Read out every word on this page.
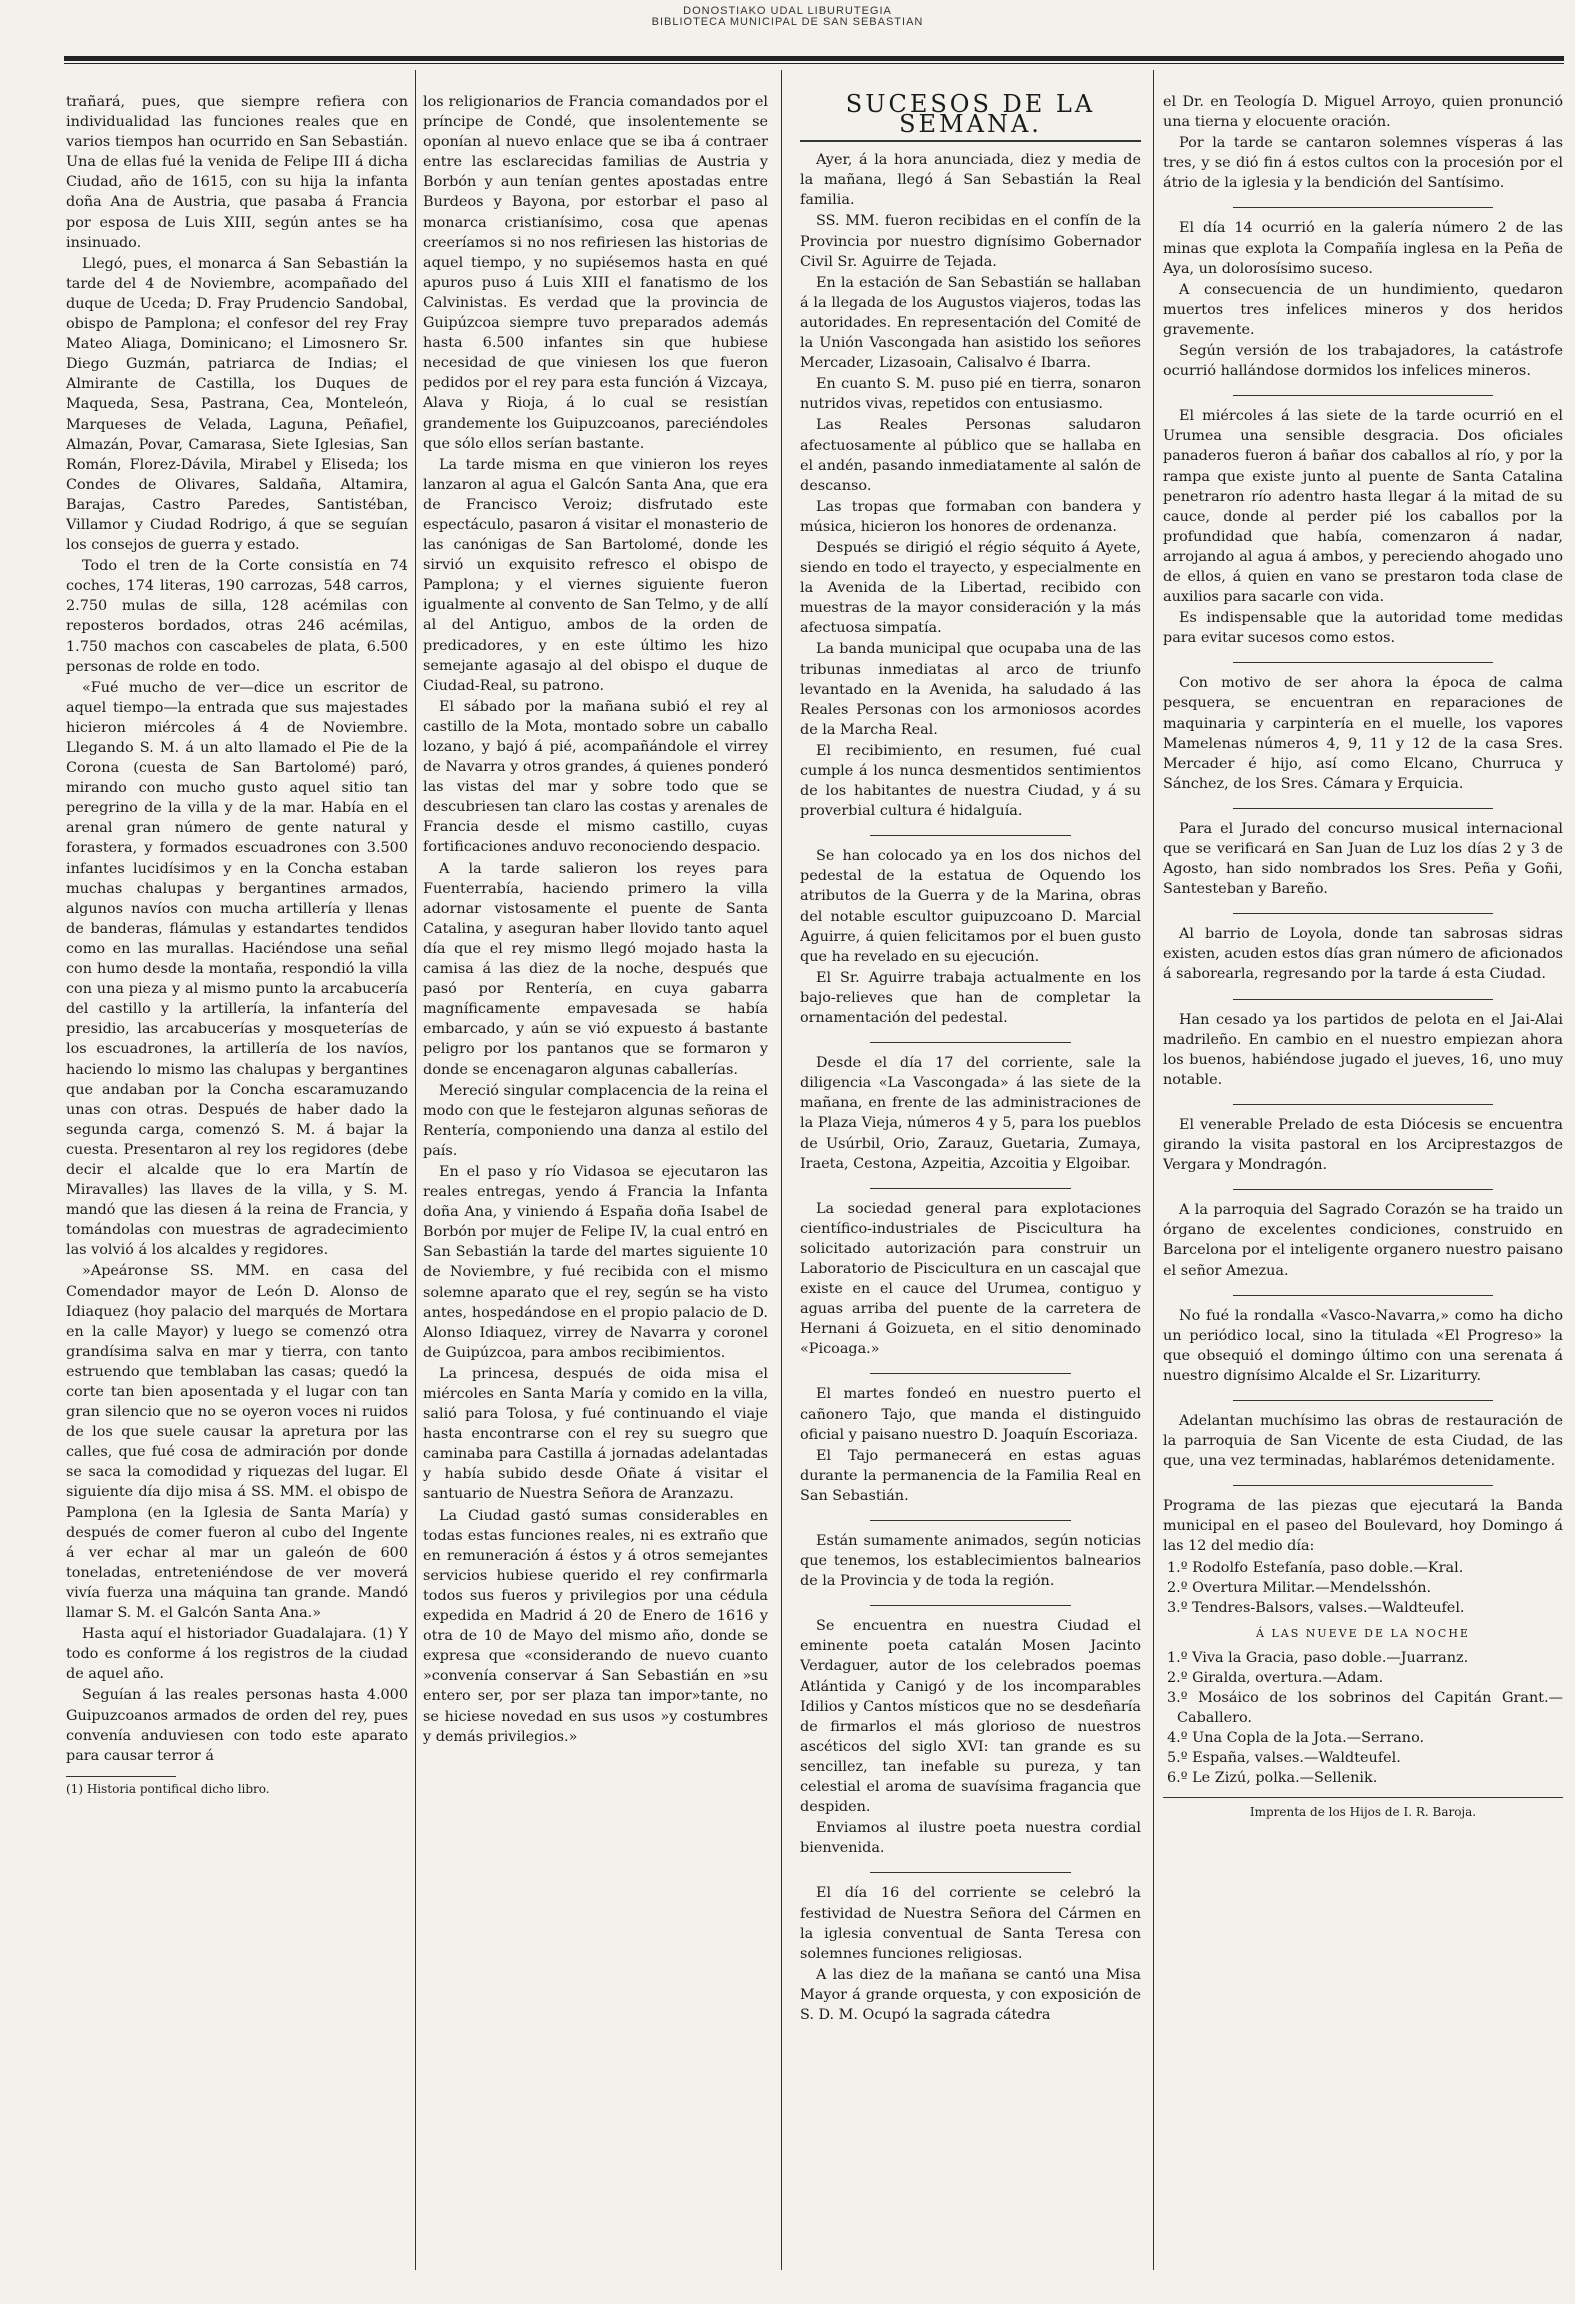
DONOSTIAKO UDAL LIBURUTEGIA
BIBLIOTECA MUNICIPAL DE SAN SEBASTIAN

trañará, pues, que siempre refiera con individualidad las funciones reales que en varios tiempos han ocurrido en San Sebastián. Una de ellas fué la venida de Felipe III á dicha Ciudad, año de 1615, con su hija la infanta doña Ana de Austria, que pasaba á Francia por esposa de Luis XIII, según antes se ha insinuado.

Llegó, pues, el monarca á San Sebastián la tarde del 4 de Noviembre, acompañado del duque de Uceda; D. Fray Prudencio Sandobal, obispo de Pamplona; el confesor del rey Fray Mateo Aliaga, Dominicano; el Limosnero Sr. Diego Guzmán, patriarca de Indias; el Almirante de Castilla, los Duques de Maqueda, Sesa, Pastrana, Cea, Monteleón, Marqueses de Velada, Laguna, Peñafiel, Almazán, Povar, Camarasa, Siete Iglesias, San Román, Florez-Dávila, Mirabel y Eliseda; los Condes de Olivares, Saldaña, Altamira, Barajas, Castro Paredes, Santistéban, Villamor y Ciudad Rodrigo, á que se seguían los consejos de guerra y estado.

Todo el tren de la Corte consistía en 74 coches, 174 literas, 190 carrozas, 548 carros, 2.750 mulas de silla, 128 acémilas con reposteros bordados, otras 246 acémilas, 1.750 machos con cascabeles de plata, 6.500 personas de rolde en todo.

«Fué mucho de ver—dice un escritor de aquel tiempo—la entrada que sus majestades hicieron miércoles á 4 de Noviembre. Llegando S. M. á un alto llamado el Pie de la Corona (cuesta de San Bartolomé) paró, mirando con mucho gusto aquel sitio tan peregrino de la villa y de la mar. Había en el arenal gran número de gente natural y forastera, y formados escuadrones con 3.500 infantes lucidísimos y en la Concha estaban muchas chalupas y bergantines armados, algunos navíos con mucha artillería y llenas de banderas, flámulas y estandartes tendidos como en las murallas. Haciéndose una señal con humo desde la montaña, respondió la villa con una pieza y al mismo punto la arcabucería del castillo y la artillería, la infantería del presidio, las arcabucerías y mosqueterías de los escuadrones, la artillería de los navíos, haciendo lo mismo las chalupas y bergantines que andaban por la Concha escaramuzando unas con otras. Después de haber dado la segunda carga, comenzó S. M. á bajar la cuesta. Presentaron al rey los regidores (debe decir el alcalde que lo era Martín de Miravalles) las llaves de la villa, y S. M. mandó que las diesen á la reina de Francia, y tomándolas con muestras de agradecimiento las volvió á los alcaldes y regidores.

»Apeáronse SS. MM. en casa del Comendador mayor de León D. Alonso de Idiaquez (hoy palacio del marqués de Mortara en la calle Mayor) y luego se comenzó otra grandísima salva en mar y tierra, con tanto estruendo que temblaban las casas; quedó la corte tan bien aposentada y el lugar con tan gran silencio que no se oyeron voces ni ruidos de los que suele causar la apretura por las calles, que fué cosa de admiración por donde se saca la comodidad y riquezas del lugar. El siguiente día dijo misa á SS. MM. el obispo de Pamplona (en la Iglesia de Santa María) y después de comer fueron al cubo del Ingente á ver echar al mar un galeón de 600 toneladas, entreteniéndose de ver moverá vivía fuerza una máquina tan grande. Mandó llamar S. M. el Galcón Santa Ana.»

Hasta aquí el historiador Guadalajara. (1) Y todo es conforme á los registros de la ciudad de aquel año.

Seguían á las reales personas hasta 4.000 Guipuzcoanos armados de orden del rey, pues convenía anduviesen con todo este aparato para causar terror á

(1) Historia pontifical dicho libro.

los religionarios de Francia comandados por el príncipe de Condé, que insolentemente se oponían al nuevo enlace que se iba á contraer entre las esclarecidas familias de Austria y Borbón y aun tenían gentes apostadas entre Burdeos y Bayona, por estorbar el paso al monarca cristianísimo, cosa que apenas creeríamos si no nos refiriesen las historias de aquel tiempo, y no supiésemos hasta en qué apuros puso á Luis XIII el fanatismo de los Calvinistas. Es verdad que la provincia de Guipúzcoa siempre tuvo preparados además hasta 6.500 infantes sin que hubiese necesidad de que viniesen los que fueron pedidos por el rey para esta función á Vizcaya, Alava y Rioja, á lo cual se resistían grandemente los Guipuzcoanos, pareciéndoles que sólo ellos serían bastante.

La tarde misma en que vinieron los reyes lanzaron al agua el Galcón Santa Ana, que era de Francisco Veroiz; disfrutado este espectáculo, pasaron á visitar el monasterio de las canónigas de San Bartolomé, donde les sirvió un exquisito refresco el obispo de Pamplona; y el viernes siguiente fueron igualmente al convento de San Telmo, y de allí al del Antiguo, ambos de la orden de predicadores, y en este último les hizo semejante agasajo al del obispo el duque de Ciudad-Real, su patrono.

El sábado por la mañana subió el rey al castillo de la Mota, montado sobre un caballo lozano, y bajó á pié, acompañándole el virrey de Navarra y otros grandes, á quienes ponderó las vistas del mar y sobre todo que se descubriesen tan claro las costas y arenales de Francia desde el mismo castillo, cuyas fortificaciones anduvo reconociendo despacio.

A la tarde salieron los reyes para Fuenterrabía, haciendo primero la villa adornar vistosamente el puente de Santa Catalina, y aseguran haber llovido tanto aquel día que el rey mismo llegó mojado hasta la camisa á las diez de la noche, después que pasó por Rentería, en cuya gabarra magníficamente empavesada se había embarcado, y aún se vió expuesto á bastante peligro por los pantanos que se formaron y donde se encenagaron algunas caballerías.

Mereció singular complacencia de la reina el modo con que le festejaron algunas señoras de Rentería, componiendo una danza al estilo del país.

En el paso y río Vidasoa se ejecutaron las reales entregas, yendo á Francia la Infanta doña Ana, y viniendo á España doña Isabel de Borbón por mujer de Felipe IV, la cual entró en San Sebastián la tarde del martes siguiente 10 de Noviembre, y fué recibida con el mismo solemne aparato que el rey, según se ha visto antes, hospedándose en el propio palacio de D. Alonso Idiaquez, virrey de Navarra y coronel de Guipúzcoa, para ambos recibimientos.

La princesa, después de oida misa el miércoles en Santa María y comido en la villa, salió para Tolosa, y fué continuando el viaje hasta encontrarse con el rey su suegro que caminaba para Castilla á jornadas adelantadas y había subido desde Oñate á visitar el santuario de Nuestra Señora de Aranzazu.

La Ciudad gastó sumas considerables en todas estas funciones reales, ni es extraño que en remuneración á éstos y á otros semejantes servicios hubiese querido el rey confirmarla todos sus fueros y privilegios por una cédula expedida en Madrid á 20 de Enero de 1616 y otra de 10 de Mayo del mismo año, donde se expresa que «considerando de nuevo cuanto »convenía conservar á San Sebastián en »su entero ser, por ser plaza tan impor»tante, no se hiciese novedad en sus usos »y costumbres y demás privilegios.»

SUCESOS DE LA SEMANA.

Ayer, á la hora anunciada, diez y media de la mañana, llegó á San Sebastián la Real familia.

SS. MM. fueron recibidas en el confín de la Provincia por nuestro dignísimo Gobernador Civil Sr. Aguirre de Tejada.

En la estación de San Sebastián se hallaban á la llegada de los Augustos viajeros, todas las autoridades. En representación del Comité de la Unión Vascongada han asistido los señores Mercader, Lizasoain, Calisalvo é Ibarra.

En cuanto S. M. puso pié en tierra, sonaron nutridos vivas, repetidos con entusiasmo.

Las Reales Personas saludaron afectuosamente al público que se hallaba en el andén, pasando inmediatamente al salón de descanso.

Las tropas que formaban con bandera y música, hicieron los honores de ordenanza.

Después se dirigió el régio séquito á Ayete, siendo en todo el trayecto, y especialmente en la Avenida de la Libertad, recibido con muestras de la mayor consideración y la más afectuosa simpatía.

La banda municipal que ocupaba una de las tribunas inmediatas al arco de triunfo levantado en la Avenida, ha saludado á las Reales Personas con los armoniosos acordes de la Marcha Real.

El recibimiento, en resumen, fué cual cumple á los nunca desmentidos sentimientos de los habitantes de nuestra Ciudad, y á su proverbial cultura é hidalguía.

Se han colocado ya en los dos nichos del pedestal de la estatua de Oquendo los atributos de la Guerra y de la Marina, obras del notable escultor guipuzcoano D. Marcial Aguirre, á quien felicitamos por el buen gusto que ha revelado en su ejecución.

El Sr. Aguirre trabaja actualmente en los bajo-relieves que han de completar la ornamentación del pedestal.

Desde el día 17 del corriente, sale la diligencia «La Vascongada» á las siete de la mañana, en frente de las administraciones de la Plaza Vieja, números 4 y 5, para los pueblos de Usúrbil, Orio, Zarauz, Guetaria, Zumaya, Iraeta, Cestona, Azpeitia, Azcoitia y Elgoibar.

La sociedad general para explotaciones científico-industriales de Piscicultura ha solicitado autorización para construir un Laboratorio de Piscicultura en un cascajal que existe en el cauce del Urumea, contiguo y aguas arriba del puente de la carretera de Hernani á Goizueta, en el sitio denominado «Picoaga.»

El martes fondeó en nuestro puerto el cañonero Tajo, que manda el distinguido oficial y paisano nuestro D. Joaquín Escoriaza.

El Tajo permanecerá en estas aguas durante la permanencia de la Familia Real en San Sebastián.

Están sumamente animados, según noticias que tenemos, los establecimientos balnearios de la Provincia y de toda la región.

Se encuentra en nuestra Ciudad el eminente poeta catalán Mosen Jacinto Verdaguer, autor de los celebrados poemas Atlántida y Canigó y de los incomparables Idilios y Cantos místicos que no se desdeñaría de firmarlos el más glorioso de nuestros ascéticos del siglo XVI: tan grande es su sencillez, tan inefable su pureza, y tan celestial el aroma de suavísima fragancia que despiden.

Enviamos al ilustre poeta nuestra cordial bienvenida.

El día 16 del corriente se celebró la festividad de Nuestra Señora del Cármen en la iglesia conventual de Santa Teresa con solemnes funciones religiosas.

A las diez de la mañana se cantó una Misa Mayor á grande orquesta, y con exposición de S. D. M. Ocupó la sagrada cátedra

el Dr. en Teología D. Miguel Arroyo, quien pronunció una tierna y elocuente oración.

Por la tarde se cantaron solemnes vísperas á las tres, y se dió fin á estos cultos con la procesión por el átrio de la iglesia y la bendición del Santísimo.

El día 14 ocurrió en la galería número 2 de las minas que explota la Compañía inglesa en la Peña de Aya, un dolorosísimo suceso.

A consecuencia de un hundimiento, quedaron muertos tres infelices mineros y dos heridos gravemente.

Según versión de los trabajadores, la catástrofe ocurrió hallándose dormidos los infelices mineros.

El miércoles á las siete de la tarde ocurrió en el Urumea una sensible desgracia. Dos oficiales panaderos fueron á bañar dos caballos al río, y por la rampa que existe junto al puente de Santa Catalina penetraron río adentro hasta llegar á la mitad de su cauce, donde al perder pié los caballos por la profundidad que había, comenzaron á nadar, arrojando al agua á ambos, y pereciendo ahogado uno de ellos, á quien en vano se prestaron toda clase de auxilios para sacarle con vida.

Es indispensable que la autoridad tome medidas para evitar sucesos como estos.

Con motivo de ser ahora la época de calma pesquera, se encuentran en reparaciones de maquinaria y carpintería en el muelle, los vapores Mamelenas números 4, 9, 11 y 12 de la casa Sres. Mercader é hijo, así como Elcano, Churruca y Sánchez, de los Sres. Cámara y Erquicia.

Para el Jurado del concurso musical internacional que se verificará en San Juan de Luz los días 2 y 3 de Agosto, han sido nombrados los Sres. Peña y Goñi, Santesteban y Bareño.

Al barrio de Loyola, donde tan sabrosas sidras existen, acuden estos días gran número de aficionados á saborearla, regresando por la tarde á esta Ciudad.

Han cesado ya los partidos de pelota en el Jai-Alai madrileño. En cambio en el nuestro empiezan ahora los buenos, habiéndose jugado el jueves, 16, uno muy notable.

El venerable Prelado de esta Diócesis se encuentra girando la visita pastoral en los Arciprestazgos de Vergara y Mondragón.

A la parroquia del Sagrado Corazón se ha traido un órgano de excelentes condiciones, construido en Barcelona por el inteligente organero nuestro paisano el señor Amezua.

No fué la rondalla «Vasco-Navarra,» como ha dicho un periódico local, sino la titulada «El Progreso» la que obsequió el domingo último con una serenata á nuestro dignísimo Alcalde el Sr. Lizariturry.

Adelantan muchísimo las obras de restauración de la parroquia de San Vicente de esta Ciudad, de las que, una vez terminadas, hablarémos detenidamente.

Programa de las piezas que ejecutará la Banda municipal en el paseo del Boulevard, hoy Domingo á las 12 del medio día:

1.º Rodolfo Estefanía, paso doble.—Kral.
2.º Overtura Militar.—Mendelsshón.
3.º Tendres-Balsors, valses.—Waldteufel.
Á LAS NUEVE DE LA NOCHE
1.º Viva la Gracia, paso doble.—Juarranz.
2.º Giralda, overtura.—Adam.
3.º Mosáico de los sobrinos del Capitán Grant.—Caballero.
4.º Una Copla de la Jota.—Serrano.
5.º España, valses.—Waldteufel.
6.º Le Zizú, polka.—Sellenik.
Imprenta de los Hijos de I. R. Baroja.
